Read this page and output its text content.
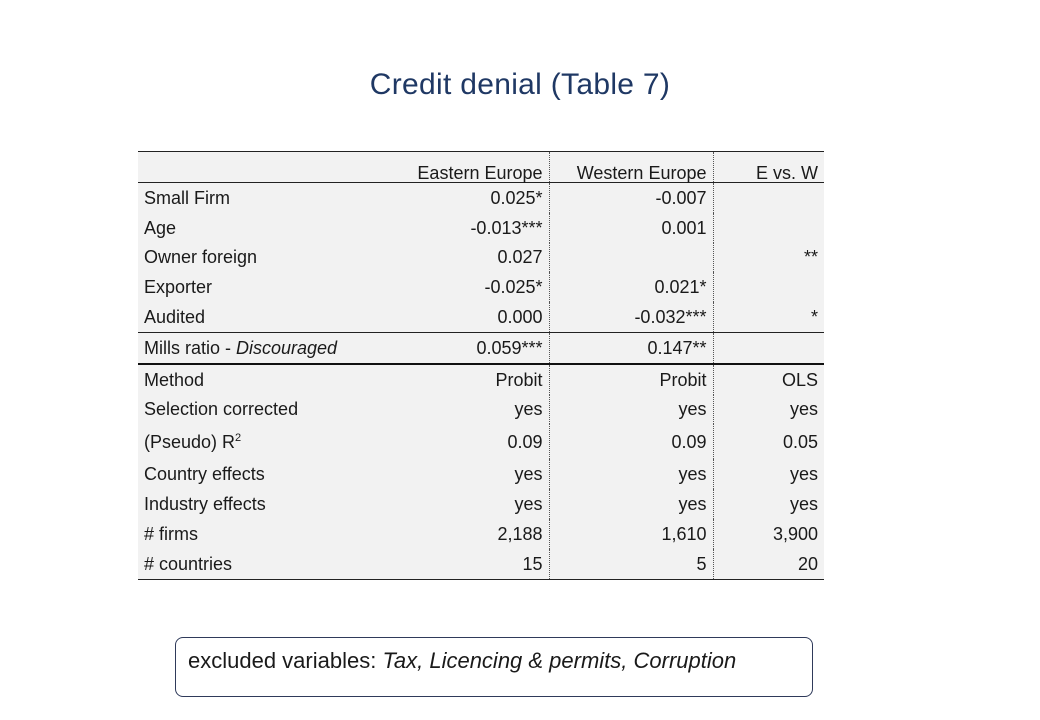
Credit denial (Table 7)
	Eastern Europe	Western Europe	E vs. W
Small Firm	0.025*	-0.007	
Age	-0.013***	0.001	
Owner foreign	0.027		**
Exporter	-0.025*	0.021*	
Audited	0.000	-0.032***	*
Mills ratio - Discouraged	0.059***	0.147**	
Method	Probit	Probit	OLS
Selection corrected	yes	yes	yes
(Pseudo) $R^2$	0.09	0.09	0.05
Country effects	yes	yes	yes
Industry effects	yes	yes	yes
# firms	2,188	1,610	3,900
# countries	15	5	20
excluded variables: Tax, Licencing & permits, Corruption
